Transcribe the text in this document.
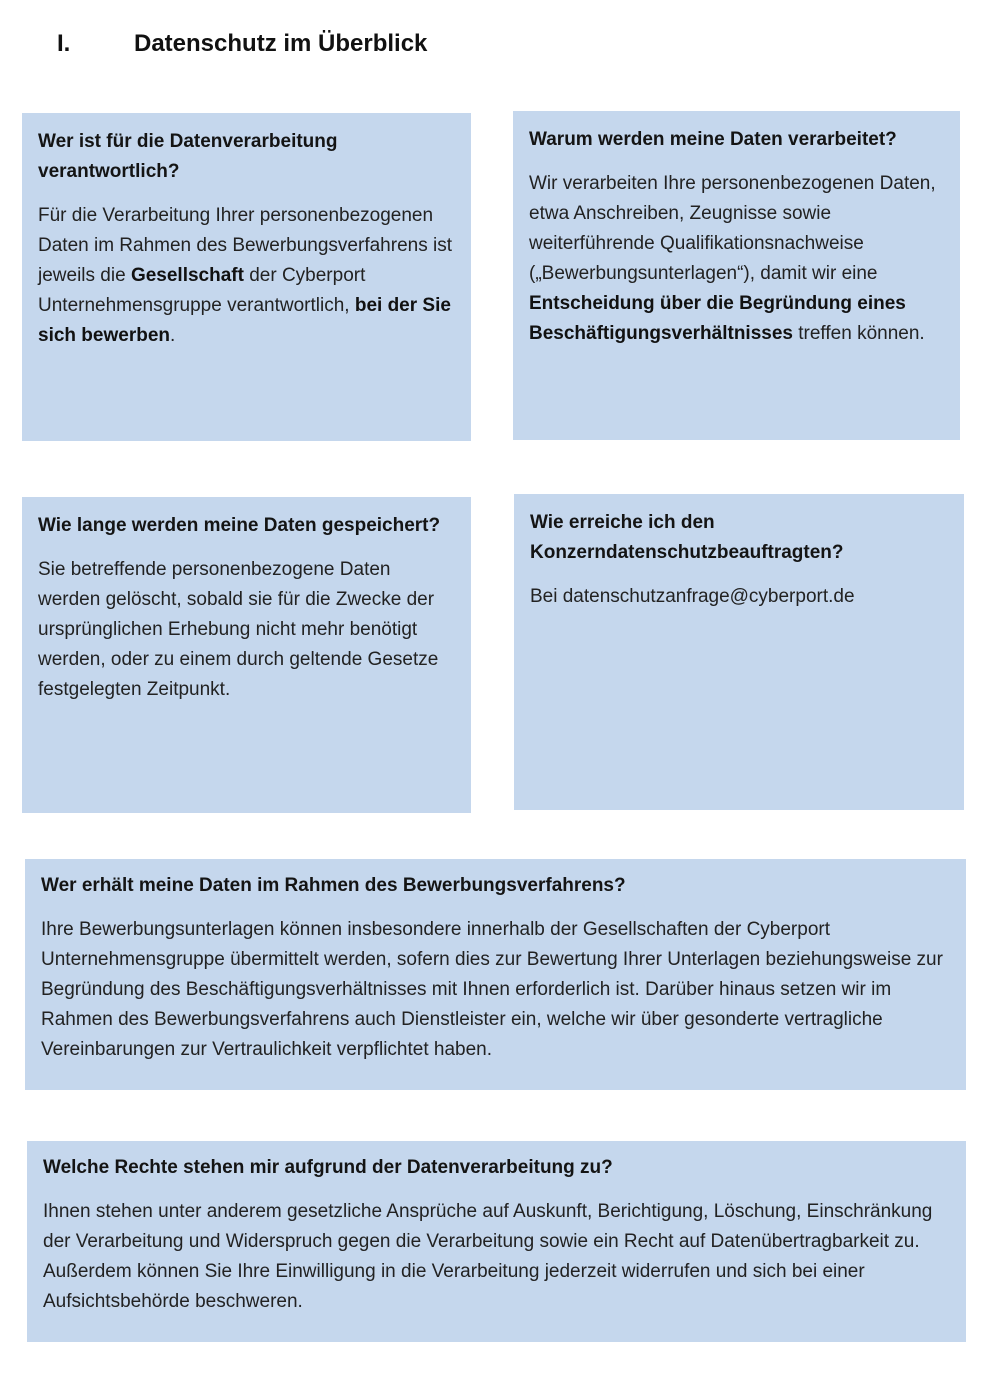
I.	Datenschutz im Überblick
Wer ist für die Datenverarbeitung verantwortlich?

Für die Verarbeitung Ihrer personenbezogenen Daten im Rahmen des Bewerbungsverfahrens ist jeweils die Gesellschaft der Cyberport Unternehmensgruppe verantwortlich, bei der Sie sich bewerben.

Warum werden meine Daten verarbeitet?

Wir verarbeiten Ihre personenbezogenen Daten, etwa Anschreiben, Zeugnisse sowie weiterführende Qualifikationsnachweise („Bewerbungsunterlagen“), damit wir eine Entscheidung über die Begründung eines Beschäftigungsverhältnisses treffen können.

Wie lange werden meine Daten gespeichert?

Sie betreffende personenbezogene Daten werden gelöscht, sobald sie für die Zwecke der ursprünglichen Erhebung nicht mehr benötigt werden, oder zu einem durch geltende Gesetze festgelegten Zeitpunkt.

Wie erreiche ich den Konzerndatenschutzbeauftragten?

Bei datenschutzanfrage@cyberport.de

Wer erhält meine Daten im Rahmen des Bewerbungsverfahrens?

Ihre Bewerbungsunterlagen können insbesondere innerhalb der Gesellschaften der Cyberport Unternehmensgruppe übermittelt werden, sofern dies zur Bewertung Ihrer Unterlagen beziehungsweise zur Begründung des Beschäftigungsverhältnisses mit Ihnen erforderlich ist. Darüber hinaus setzen wir im Rahmen des Bewerbungsverfahrens auch Dienstleister ein, welche wir über gesonderte vertragliche Vereinbarungen zur Vertraulichkeit verpflichtet haben.

Welche Rechte stehen mir aufgrund der Datenverarbeitung zu?

Ihnen stehen unter anderem gesetzliche Ansprüche auf Auskunft, Berichtigung, Löschung, Einschränkung der Verarbeitung und Widerspruch gegen die Verarbeitung sowie ein Recht auf Datenübertragbarkeit zu. Außerdem können Sie Ihre Einwilligung in die Verarbeitung jederzeit widerrufen und sich bei einer Aufsichtsbehörde beschweren.
